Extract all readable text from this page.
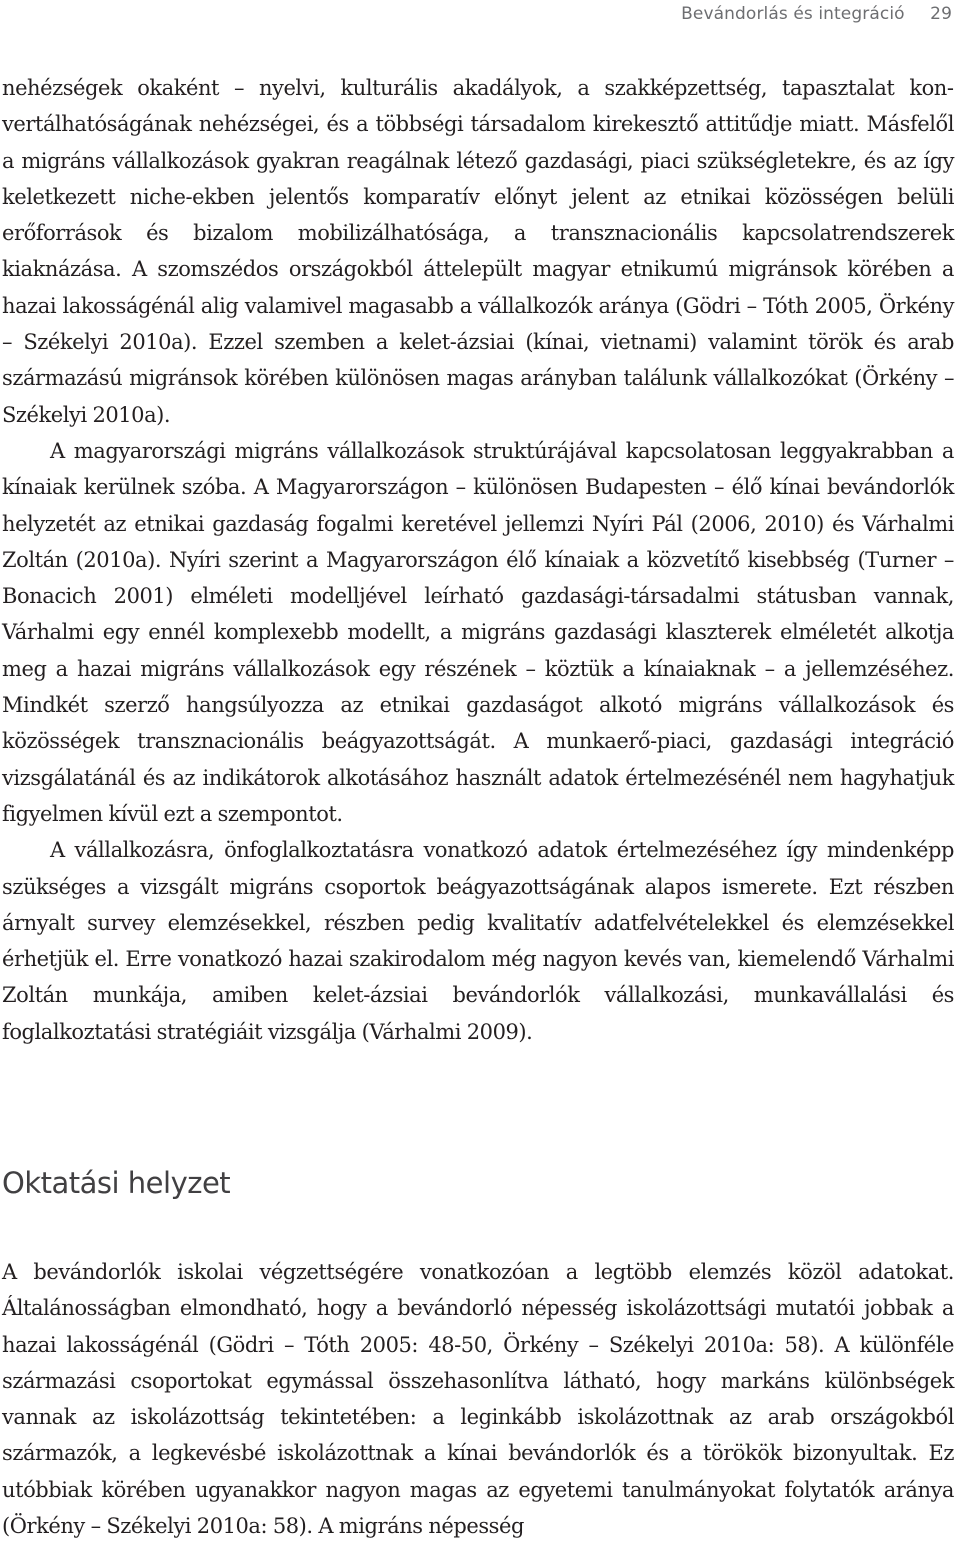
Bevándorlás és integráció 29

nehézségek okaként – nyelvi, kulturális akadályok, a szakképzettség, tapasztalat konvertálhatóságának nehézségei, és a többségi társadalom kirekesztő attitűdje miatt. Másfelől a migráns vállalkozások gyakran reagálnak létező gazdasági, piaci szükségletekre, és az így keletkezett niche-ekben jelentős komparatív előnyt jelent az etnikai közösségen belüli erőforrások és bizalom mobilizálhatósága, a transznacionális kapcsolatrendszerek kiaknázása. A szomszédos országokból áttelepült magyar etnikumú migránsok körében a hazai lakosságénál alig valamivel magasabb a vállalkozók aránya (Gödri – Tóth 2005, Örkény – Székelyi 2010a). Ezzel szemben a kelet-ázsiai (kínai, vietnami) valamint török és arab származású migránsok körében különösen magas arányban találunk vállalkozókat (Örkény – Székelyi 2010a).

A magyarországi migráns vállalkozások struktúrájával kapcsolatosan leggyakrabban a kínaiak kerülnek szóba. A Magyarországon – különösen Budapesten – élő kínai bevándorlók helyzetét az etnikai gazdaság fogalmi keretével jellemzi Nyíri Pál (2006, 2010) és Várhalmi Zoltán (2010a). Nyíri szerint a Magyarországon élő kínaiak a közvetítő kisebbség (Turner – Bonacich 2001) elméleti modelljével leírható gazdasági-társadalmi státusban vannak, Várhalmi egy ennél komplexebb modellt, a migráns gazdasági klaszterek elméletét alkotja meg a hazai migráns vállalkozások egy részének – köztük a kínaiaknak – a jellemzéséhez. Mindkét szerző hangsúlyozza az etnikai gazdaságot alkotó migráns vállalkozások és közösségek transznacionális beágyazottságát. A munkaerő-piaci, gazdasági integráció vizsgálatánál és az indikátorok alkotásához használt adatok értelmezésénél nem hagyhatjuk figyelmen kívül ezt a szempontot.

A vállalkozásra, önfoglalkoztatásra vonatkozó adatok értelmezéséhez így mindenképp szükséges a vizsgált migráns csoportok beágyazottságának alapos ismerete. Ezt részben árnyalt survey elemzésekkel, részben pedig kvalitatív adatfelvételekkel és elemzésekkel érhetjük el. Erre vonatkozó hazai szakirodalom még nagyon kevés van, kiemelendő Várhalmi Zoltán munkája, amiben kelet-ázsiai bevándorlók vállalkozási, munkavállalási és foglalkoztatási stratégiáit vizsgálja (Várhalmi 2009).

Oktatási helyzet

A bevándorlók iskolai végzettségére vonatkozóan a legtöbb elemzés közöl adatokat. Általánosságban elmondható, hogy a bevándorló népesség iskolázottsági mutatói jobbak a hazai lakosságénál (Gödri – Tóth 2005: 48-50, Örkény – Székelyi 2010a: 58). A különféle származási csoportokat egymással összehasonlítva látható, hogy markáns különbségek vannak az iskolázottság tekintetében: a leginkább iskolázottnak az arab országokból származók, a legkevésbé iskolázottnak a kínai bevándorlók és a törökök bizonyultak. Ez utóbbiak körében ugyanakkor nagyon magas az egyetemi tanulmányokat folytatók aránya (Örkény – Székelyi 2010a: 58). A migráns népesség
